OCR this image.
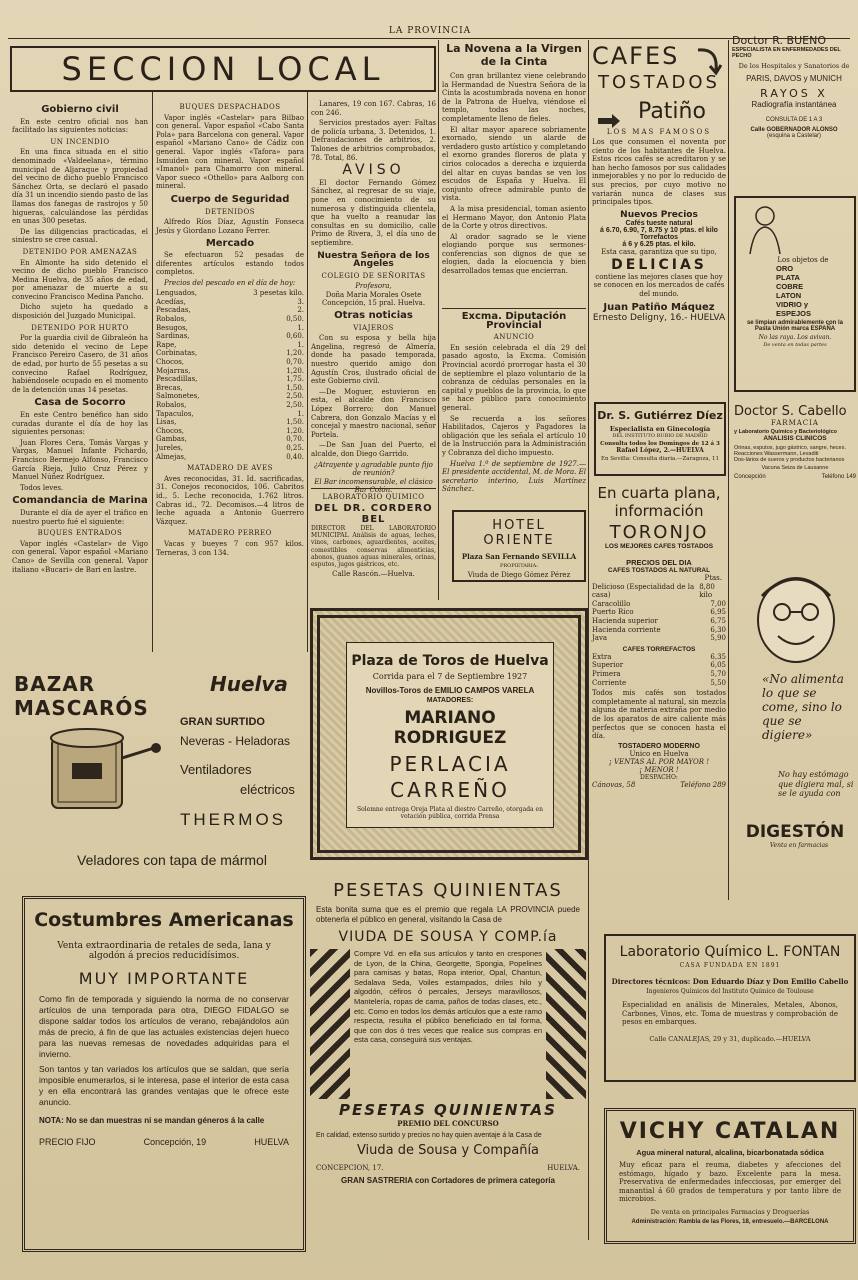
LA PROVINCIA
SECCION LOCAL
Gobierno civil

En este centro oficial nos han facilitado las siguientes noticias:

UN INCENDIO

En una finca situada en el sitio denominado «Valdeelana», término municipal de Aljaraque y propiedad del vecino de dicho pueblo Francisco Sánchez Orta, se declaró el pasado día 31 un incendio siendo pasto de las llamas dos fanegas de rastrojos y 50 higueras, calculándose las pérdidas en unas 300 pesetas.

De las diligencias practicadas, el siniestro se cree casual.

DETENIDO POR AMENAZAS

En Almonte ha sido detenido el vecino de dicho pueblo Francisco Medina Huelva, de 35 años de edad, por amenazar de muerte a su convecino Francisco Medina Pancho.

Dicho sujeto ha quedado a disposición del Juzgado Municipal.

DETENIDO POR HURTO

Por la guardia civil de Gibraleón ha sido detenido el vecino de Lepe Francisco Pereiro Casero, de 31 años de edad, por hurto de 55 pesetas a su convecino Rafael Rodríguez, habiéndosele ocupado en el momento de la detención unas 14 pesetas.

Casa de Socorro

En este Centro benéfico han sido curadas durante el día de hoy las siguientes personas:

Juan Flores Cera, Tomás Vargas y Vargas, Manuel Infante Pichardo, Francisco Bermejo Alfonso, Francisco García Rieja, Julio Cruz Pérez y Manuel Núñez Rodríguez.

Todos leves.

Comandancia de Marina

Durante el día de ayer el tráfico en nuestro puerto fué el siguiente:

BUQUES ENTRADOS

Vapor inglés «Castelar» de Vigo con general. Vapor español «Mariano Cano» de Sevilla con general. Vapor italiano «Bucari» de Bari en lastre.

BUQUES DESPACHADOS

Vapor inglés «Castelar» para Bilbao con general. Vapor español «Cabo Santa Pola» para Barcelona con general. Vapor español «Mariano Cano» de Cádiz con general. Vapor inglés «Tafora» para Ismuiden con mineral. Vapor español «Imanol» para Chamorro con mineral. Vapor sueco «Othello» para Aalborg con mineral.

Cuerpo de Seguridad
DETENIDOS

Alfredo Ríos Díaz, Agustín Fonseca Jesús y Giordano Lozano Ferrer.

Mercado

Se efectuaron 52 pesadas de diferentes artículos estando todos completos.

Precios del pescado en el día de hoy:

Lenguados,	3 pesetas kilo.
Acedías,	3.
Pescadas,	2.
Robalos,	0,50.
Besugos,	1.
Sardinas,	0,60.
Rape,	1.
Corbinatas,	1,20.
Chocos,	0,70.
Mojarras,	1,20.
Pescadillas,	1,75.
Brecas,	1,50.
Salmonetes,	2,50.
Robalos,	2,50.
Tapaculos,	1.
Lisas,	1,50.
Chocos,	1,20.
Gambas,	0,70.
Jureles,	0,25.
Almejas,	0,40.
MATADERO DE AVES

Aves reconocidas, 31. Id. sacrificadas, 31. Conejos reconocidos, 106. Cabritos id., 5. Leche reconocida, 1.762 litros. Cabras id., 72. Decomisos.—4 litros de leche aguada a Antonio Guerrero Vázquez.

MATADERO PERREO

Vacas y bueyes 7 con 957 kilos. Terneras, 3 con 134.

Lanares, 19 con 167. Cabras, 16 con 246.

Servicios prestados ayer: Faltas de policía urbana, 3. Detenidos, 1. Defraudaciones de arbitrios, 2. Talones de arbitrios comprobados, 78. Total, 86.

AVISO

El doctor Fernando Gómez Sánchez, al regresar de su viaje, pone en conocimiento de su numerosa y distinguida clientela, que ha vuelto a reanudar las consultas en su domicilio, calle Primo de Rivera, 3, el día uno de septiembre.

Nuestra Señora de los Angeles
COLEGIO DE SEÑORITAS
Profesora,
Doña Maria Morales Osete
Concepción, 15 pral. Huelva.
Otras noticias
VIAJEROS

Con su esposa y bella hija Angelina, regresó de Almería, donde ha pasado temporada, nuestro querido amigo don Agustín Cros, ilustrado oficial de este Gobierno civil.

—De Moguer, estuvieron en esta, el alcalde don Francisco López Borrero; don Manuel Cabrera, don Gonzalo Macías y el concejal y maestro nacional, señor Portela.

—De San Juan del Puerto, el alcalde, don Diego Garrido.

¿Atrayente y agradable punto fijo de reunión?
El Bar incomensurable, el clásico Bar Colón.
LABORATORIO QUIMICO
DEL DR. CORDERO BEL
DIRECTOR DEL LABORATORIO MUNICIPAL Análisis de aguas, leches, vinos, carbones, aguardientes, aceites, comestibles conservas alimenticias, abonos, guanos aguas minerales, orinas, esputos, jugos gástricos, etc.
Calle Rascón.—Huelva.
La Novena a la Virgen de la Cinta

Con gran brillantez viene celebrando la Hermandad de Nuestra Señora de la Cinta la acostumbrada novena en honor de la Patrona de Huelva, viéndose el templo, todas las noches, completamente lleno de fieles.

El altar mayor aparece sobriamente exornado, siendo un alarde de verdadero gusto artístico y completando el exorno grandes floreros de plata y cirios colocados a derecha e izquierda del altar en cuyas bandas se ven los escudos de España y Huelva. El conjunto ofrece admirable punto de vista.

A la misa presidencial, toman asiento el Hermano Mayor, don Antonio Plata de la Corte y otros directivos.

Al orador sagrado se le viene elogiando porque sus sermones-conferencias son dignos de que se elogien, dada la elocuencia y bien desarrollados temas que encierran.

Excma. Diputación Provincial
ANUNCIO

En sesión celebrada el día 29 del pasado agosto, la Excma. Comisión Provincial acordó prorrogar hasta el 30 de septiembre el plazo voluntario de la cobranza de cédulas personales en la capital y pueblos de la provincia, lo que se hace público para conocimiento general.

Se recuerda a los señores Habilitados, Cajeros y Pagadores la obligación que les señala el artículo 10 de la Instrucción para la Administración y Cobranza del dicho impuesto.

Huelva 1.º de septiembre de 1927.—El presidente accidental, M. de Mora. El secretario interino, Luis Martínez Sánchez.

HOTEL ORIENTE
Plaza San Fernando SEVILLA
PROPIETARIA:
Viuda de Diego Gómez Pérez
Plaza de Toros de Huelva
Corrida para el 7 de Septiembre 1927
Novillos-Toros de EMILIO CAMPOS VARELA
MATADORES:
MARIANO RODRIGUEZ
PERLACIA
CARREÑO
Solemne entrega Oreja Plata al diestro Carreño, otorgada en votación pública, corrida Prensa
BAZAR MASCARÓS
Huelva
GRAN SURTIDO
Neveras - Heladoras
Ventiladores
eléctricos
THERMOS
Veladores con tapa de mármol
Costumbres Americanas
Venta extraordinaria de retales de seda, lana y algodón á precios reducidísimos.
MUY IMPORTANTE
Como fin de temporada y siguiendo la norma de no conservar artículos de una temporada para otra, DIEGO FIDALGO se dispone saldar todos los artículos de verano, rebajándolos aún más de precio, á fin de que las actuales existencias dejen hueco para las nuevas remesas de novedades adquiridas para el invierno.
Son tantos y tan variados los artículos que se saldan, que sería imposible enumerarlos, si le interesa, pase el interior de esta casa y en ella encontrará las grandes ventajas que le ofrece este anuncio.
NOTA: No se dan muestras ni se mandan géneros á la calle
PRECIO FIJO	Concepción, 19	HUELVA
PESETAS QUINIENTAS
Esta bonita suma que es el premio que regala LA PROVINCIA puede obtenerla el público en general, visitando la Casa de
VIUDA DE SOUSA Y COMP.ía
Compre Vd. en ella sus artículos y tanto en crespones de Lyon, de la China, Georgette, Spongia, Popelines para camisas y batas, Ropa interior, Opal, Chantun, Sedalava Seda, Voiles estampados, driles hilo y algodón, céfiros ó percales, Jerseys maravillosos, Mantelería, ropas de cama, paños de todas clases, etc., etc. Como en todos los demás artículos que a este ramo respecta, resulta el público beneficiado en tal forma, que con dos ó tres veces que realice sus compras en esta casa, conseguirá sus ventajas.
PESETAS QUINIENTAS
PREMIO DEL CONCURSO
En calidad, extenso surtido y precios no hay quien aventaje á la Casa de
Viuda de Sousa y Compañía
CONCEPCION, 17.	HUELVA.
GRAN SASTRERIA con Cortadores de primera categoría
CAFES
TOSTADOS
Patiño
LOS MAS FAMOSOS
Los que consumen el noventa por ciento de los habitantes de Huelva. Estos ricos cafés se acreditaron y se han hecho famosos por sus calidades inmejorables y no por lo reducido de sus precios, por cuyo motivo no variarán nunca de clases sus principales tipos.
Nuevos Precios
Cafés tueste natural
á 6.70, 6.90, 7, 8.75 y 10 ptas. el kilo
Torrefactos
á 6 y 6.25 ptas. el kilo.
Esta casa, garantiza que su tipo,
DELICIAS
contiene las mejores clases que hoy se conocen en los mercados de cafés del mundo.
Juan Patiño Máquez
Ernesto Deligny, 16.- HUELVA
Dr. S. Gutiérrez Díez
Especialista en Ginecología
DEL INSTITUTO RUBIO DE MADRID
Consulta todos los Domingos de 12 á 3
Rafael López, 2.—HUELVA
En Sevilla: Consulta diaria.—Zaragoza, 11
En cuarta plana,
información
TORONJO
LOS MEJORES CAFES TOSTADOS
PRECIOS DEL DIA
CAFES TOSTADOS AL NATURAL
Ptas.
Delicioso (Especialidad de la casa)
8,80 kilo
Caracolillo	7,00
Puerto Rico	6,95
Hacienda superior	6,75
Hacienda corriente	6,30
Java	5,90
CAFES TORREFACTOS
Extra	6,35
Superior	6,05
Primera	5,70
Corriente	5,50
Todos mis cafés son tostados completamente al natural, sin mezcla alguna de materia extraña por medio de los aparatos de aire caliente más perfectos que se conocen hasta el día.
TOSTADERO MODERNO
Unico en Huelva
¡ VENTAS AL POR MAYOR !
¡ MENOR !
DESPACHO:
Cánovas, 58	Teléfono 289
Doctor R. BUENO
ESPECIALISTA EN ENFERMEDADES DEL PECHO
De los Hospitales y Sanatorios de
PARIS, DAVOS y MUNICH
RAYOS X
Radiografía instantánea
CONSULTA DE 1 A 3
Calle GOBERNADOR ALONSO
(esquina a Castelar)
Los objetos de
ORO
PLATA
COBRE
LATON
VIDRIO y
ESPEJOS
se limpian admirablemente con la Pasta Unión marca ESPAÑA
No las raya. Los avivan.
De venta en todas partes
Doctor S. Cabello
FARMACIA
y Laboratorio Químico y Bacteriológico
ANALISIS CLINICOS
Orinas, esputos, jugo gástrico, sangre, heces.
Reacciones Wassermann, Levaditi
Dos-lários de sueros y productos bacterianos
Vacuna Seiza de Lausanne
Concepción	Teléfono 149
«No alimenta lo que se come, sino lo que se digiere»
No hay estómago que digiera mal, si se le ayuda con
DIGESTÓN
Venta en farmacias
Laboratorio Químico L. FONTAN
CASA FUNDADA EN 1891
Directores técnicos: Don Eduardo Díaz y Don Emilio Cabello
Ingenieros Químicos del Instituto Químico de Toulouse
Especialidad en análisis de Minerales, Metales, Abonos, Carbones, Vinos, etc. Toma de muestras y comprobación de pesos en embarques.
Calle CANALEJAS, 29 y 31, duplicado.—HUELVA
VICHY CATALAN
Agua mineral natural, alcalina, bicarbonatada sódica
Muy eficaz para el reuma, diabetes y afecciones del estómago, hígado y bazo. Excelente para la mesa. Preservativa de enfermedades infecciosas, por emerger del manantial á 60 grados de temperatura y por tanto libre de microbios.
De venta en principales Farmacias y Droguerías
Administración: Rambla de las Flores, 18, entresuelo.—BARCELONA
